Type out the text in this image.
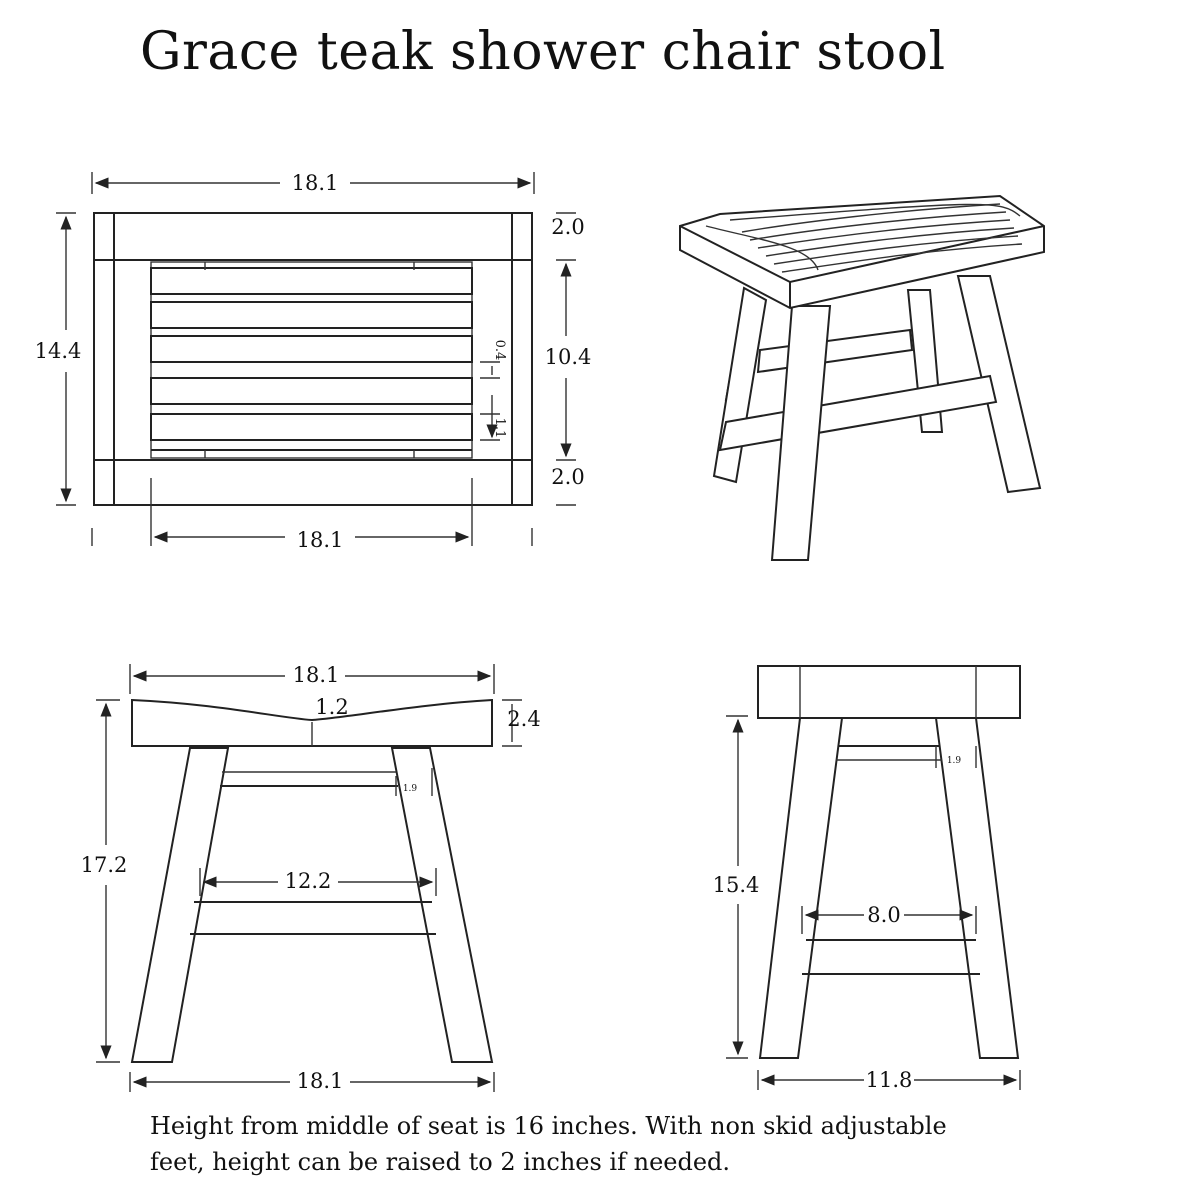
Grace teak shower chair stool
18.1
14.4
2.0
10.4
2.0
0.4
1.1
18.1
18.1
1.2	2.4
17.2
1.9
12.2
18.1
15.4
1.9
8.0
11.8
Height from middle of seat is 16 inches. With non skid adjustable
feet, height can be raised to 2 inches if needed.
